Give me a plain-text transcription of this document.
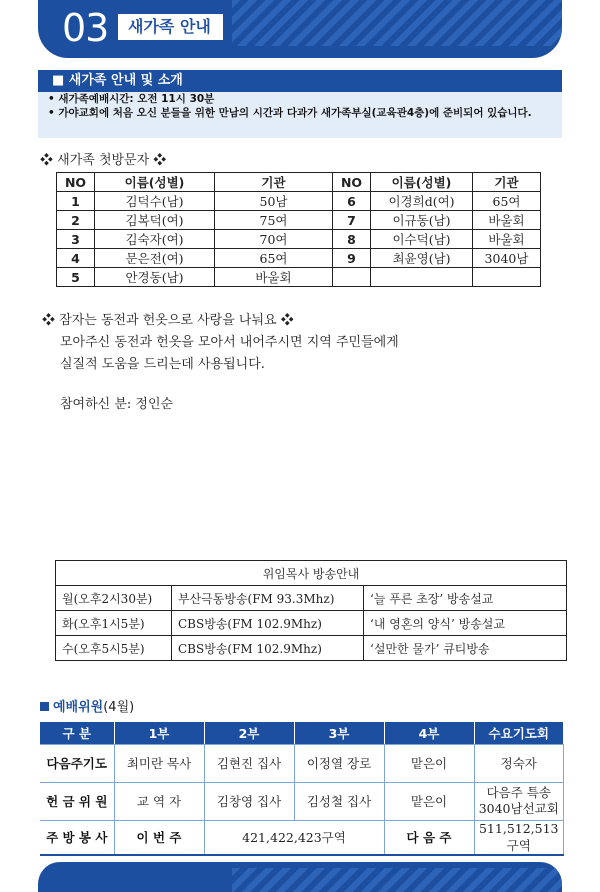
03	새가족 안내
■ 새가족 안내 및 소개
• 새가족예배시간: 오전 11시 30분
• 가야교회에 처음 오신 분들을 위한 만남의 시간과 다과가 새가족부실(교육관4층)에 준비되어 있습니다.
❖ 새가족 첫방문자 ❖
NO	이름(성별)	기관	NO	이름(성별)	기관
1	김덕수(남)	50남	6	이경희d(여)	65여
2	김복덕(여)	75여	7	이규동(남)	바울회
3	김숙자(여)	70여	8	이수덕(남)	바울회
4	문은전(여)	65여	9	최윤영(남)	3040남
5	안경동(남)	바울회			
❖ 잠자는 동전과 헌옷으로 사랑을 나눠요 ❖
모아주신 동전과 헌옷을 모아서 내어주시면 지역 주민들에게
실질적 도움을 드리는데 사용됩니다.
참여하신 분: 정인순
위임목사 방송안내		
월(오후2시30분)	부산극동방송(FM 93.3Mhz)	‘늘 푸른 초장’ 방송설교
화(오후1시5분)	CBS방송(FM 102.9Mhz)	‘내 영혼의 양식’ 방송설교
수(오후5시5분)	CBS방송(FM 102.9Mhz)	‘설만한 물가’ 큐티방송
예배위원(4월)
구 분	1부	2부	3부	4부	수요기도회
다음주기도	최미란 목사	김현진 집사	이정열 장로	맡은이	정숙자
헌 금 위 원	교 역 자	김창영 집사	김성철 집사	맡은이	다음주 특송
3040남선교회

주 방 봉 사	이 번 주	421,422,423구역		다 음 주	511,512,513구역
